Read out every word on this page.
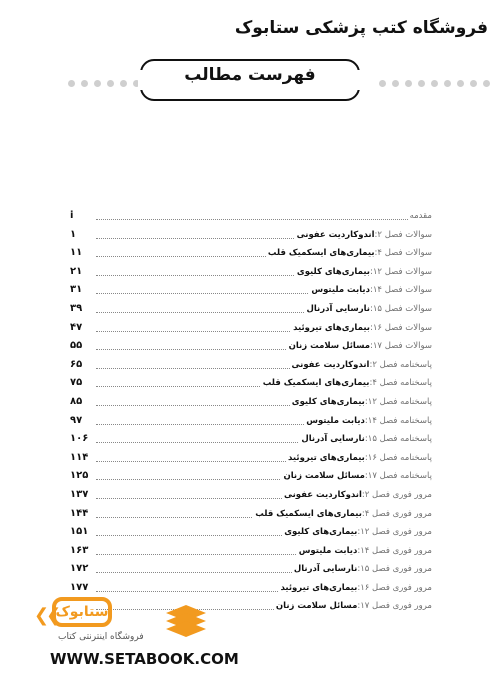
فروشگاه کتب پزشکی ستابوک
فهرست مطالب
مقدمه
i
سوالات فصل ۲:اندوکاردیت عفونی
۱
سوالات فصل ۴:بیماری‌های ایسکمیک قلب
۱۱
سوالات فصل ۱۲:بیماری‌های کلیوی
۲۱
سوالات فصل ۱۴:دیابت ملیتوس
۳۱
سوالات فصل ۱۵:نارسایی آدرنال
۳۹
سوالات فصل ۱۶:بیماری‌های تیروئید
۴۷
سوالات فصل ۱۷:مسائل سلامت زنان
۵۵
پاسخنامه فصل ۲:اندوکاردیت عفونی
۶۵
پاسخنامه فصل ۴:بیماری‌های ایسکمیک قلب
۷۵
پاسخنامه فصل ۱۲:بیماری‌های کلیوی
۸۵
پاسخنامه فصل ۱۴:دیابت ملیتوس
۹۷
پاسخنامه فصل ۱۵:نارسایی آدرنال
۱۰۶
پاسخنامه فصل ۱۶:بیماری‌های تیروئید
۱۱۴
پاسخنامه فصل ۱۷:مسائل سلامت زنان
۱۲۵
مرور فوری فصل ۲:اندوکاردیت عفونی
۱۳۷
مرور فوری فصل ۴:بیماری‌های ایسکمیک قلب
۱۴۴
مرور فوری فصل ۱۲:بیماری‌های کلیوی
۱۵۱
مرور فوری فصل ۱۴:دیابت ملیتوس
۱۶۳
مرور فوری فصل ۱۵:نارسایی آدرنال
۱۷۲
مرور فوری فصل ۱۶:بیماری‌های تیروئید
۱۷۷
مرور فوری فصل ۱۷:مسائل سلامت زنان
❮❮
ستابوک
فروشگاه اینترنتی کتاب
WWW.SETABOOK.COM
